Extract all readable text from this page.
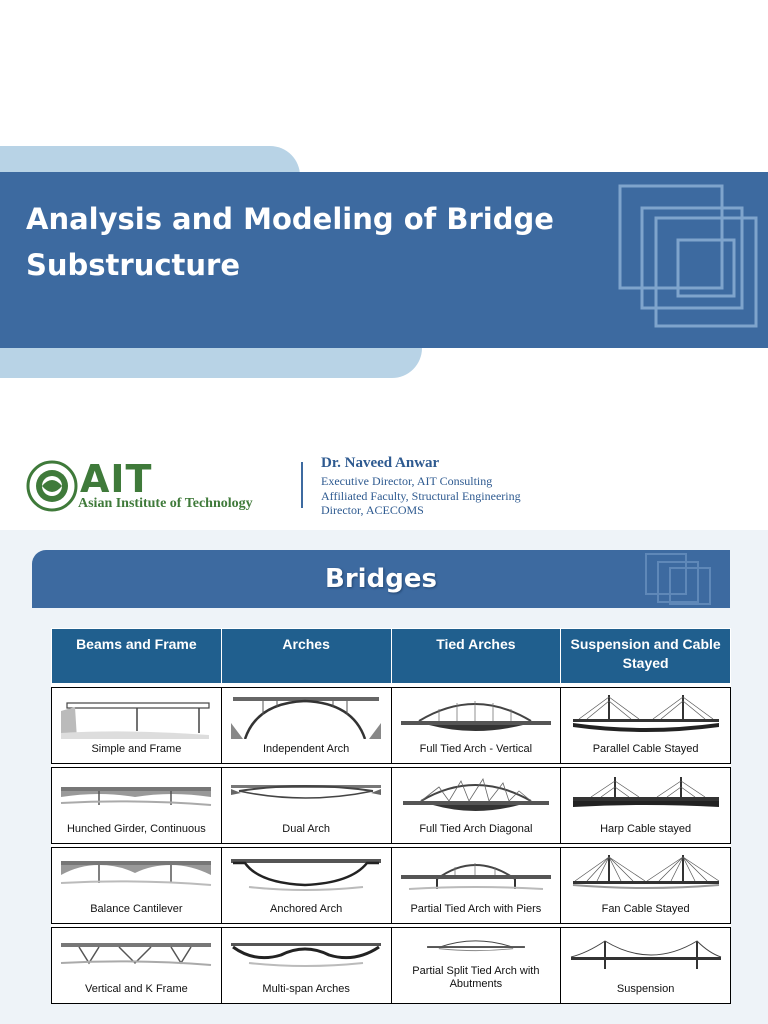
Analysis and Modeling of Bridge Substructure
AIT
Asian Institute of Technology
Dr. Naveed Anwar
Executive Director, AIT Consulting
Affiliated Faculty, Structural Engineering
Director, ACECOMS
Bridges
Beams and Frame	Arches	Tied Arches	Suspension and Cable Stayed

Simple and Frame	Independent Arch	Full Tied Arch - Vertical	Parallel Cable Stayed

Hunched Girder, Continuous	Dual Arch	Full Tied Arch Diagonal	Harp Cable stayed

Balance Cantilever	Anchored Arch	Partial Tied Arch with Piers	Fan Cable Stayed

Vertical and K Frame	Multi-span Arches	Partial Split Tied Arch with Abutments	Suspension
